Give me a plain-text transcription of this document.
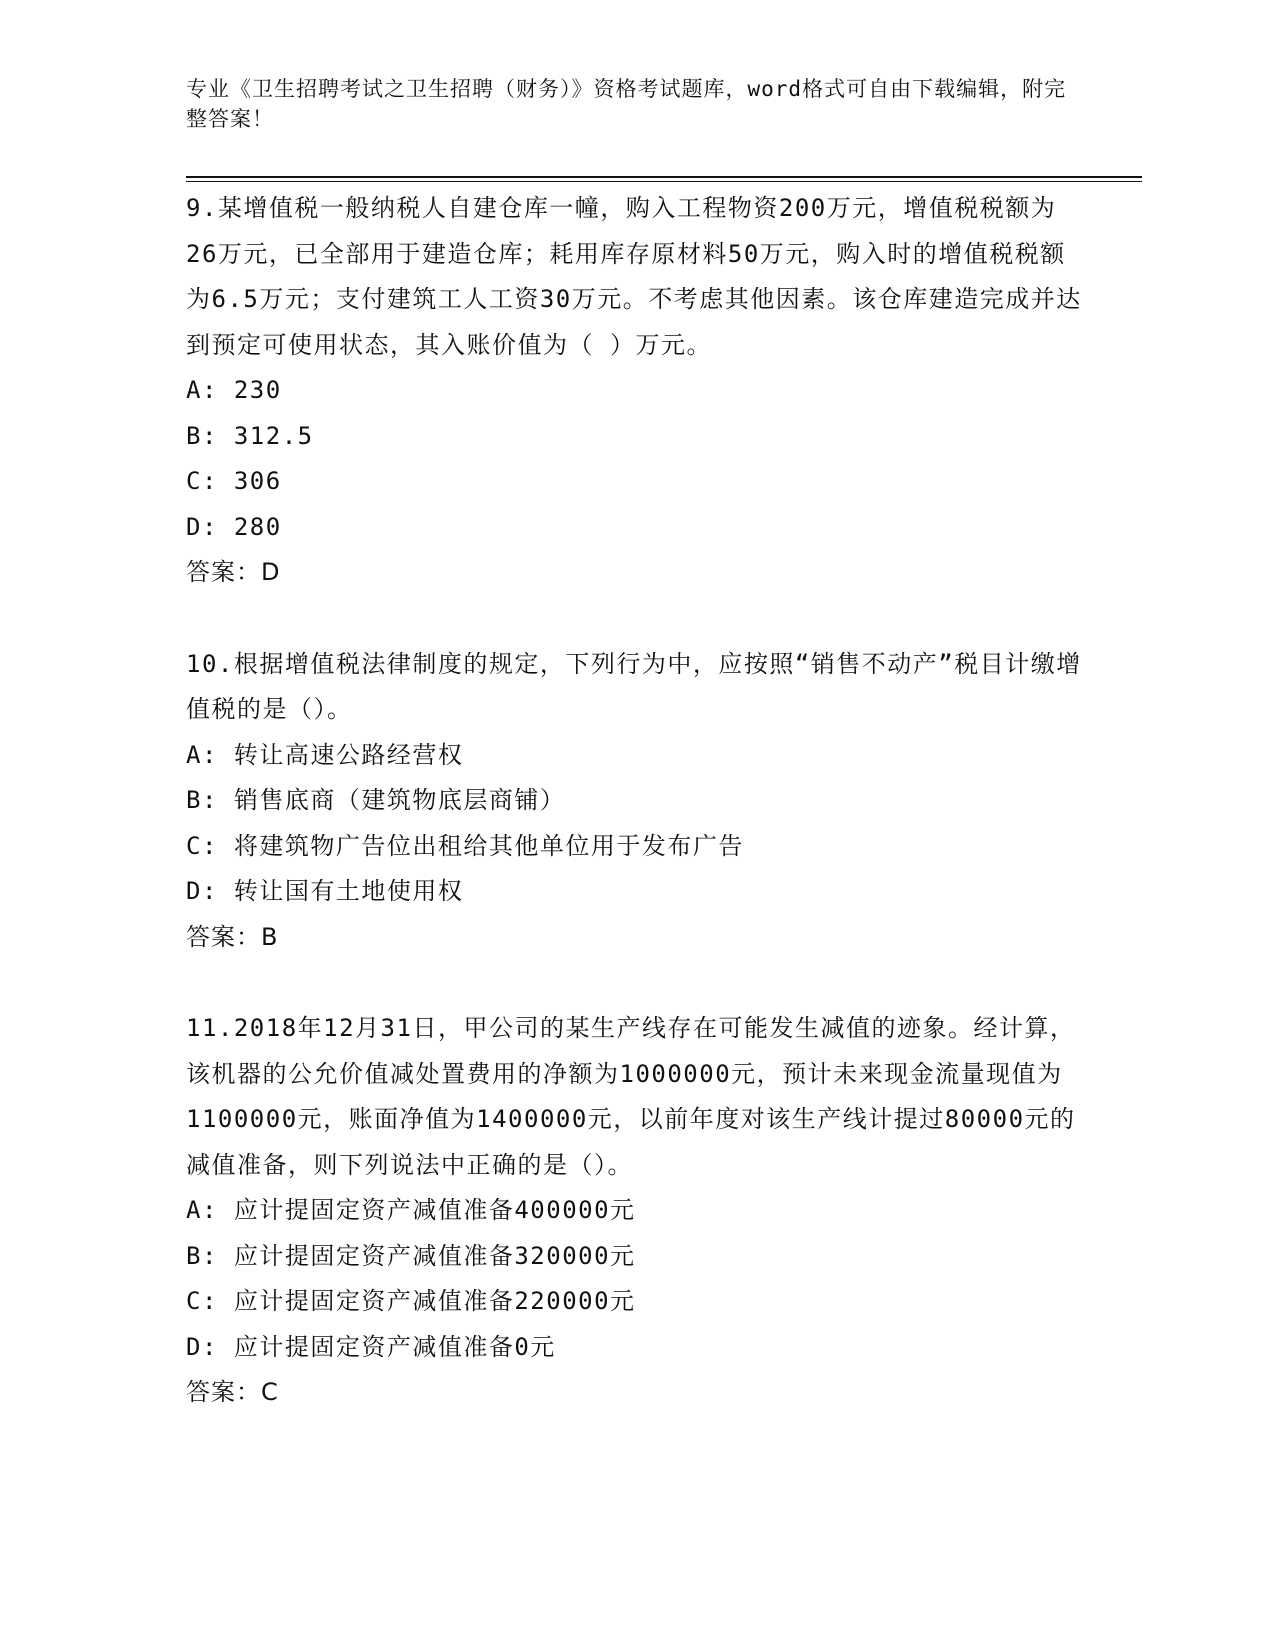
专业《卫生招聘考试之卫生招聘（财务）》资格考试题库，word格式可自由下载编辑，附完整答案！
9.某增值税一般纳税人自建仓库一幢，购入工程物资200万元，增值税税额为26万元，已全部用于建造仓库；耗用库存原材料50万元，购入时的增值税税额为6.5万元；支付建筑工人工资30万元。不考虑其他因素。该仓库建造完成并达到预定可使用状态，其入账价值为（ ）万元。
A: 230
B: 312.5
C: 306
D: 280
答案：D
10.根据增值税法律制度的规定，下列行为中，应按照“销售不动产”税目计缴增值税的是（）。
A: 转让高速公路经营权
B: 销售底商（建筑物底层商铺）
C: 将建筑物广告位出租给其他单位用于发布广告
D: 转让国有土地使用权
答案：B
11.2018年12月31日，甲公司的某生产线存在可能发生减值的迹象。经计算，该机器的公允价值减处置费用的净额为1000000元，预计未来现金流量现值为1100000元，账面净值为1400000元，以前年度对该生产线计提过80000元的减值准备，则下列说法中正确的是（）。
A: 应计提固定资产减值准备400000元
B: 应计提固定资产减值准备320000元
C: 应计提固定资产减值准备220000元
D: 应计提固定资产减值准备0元
答案：C
